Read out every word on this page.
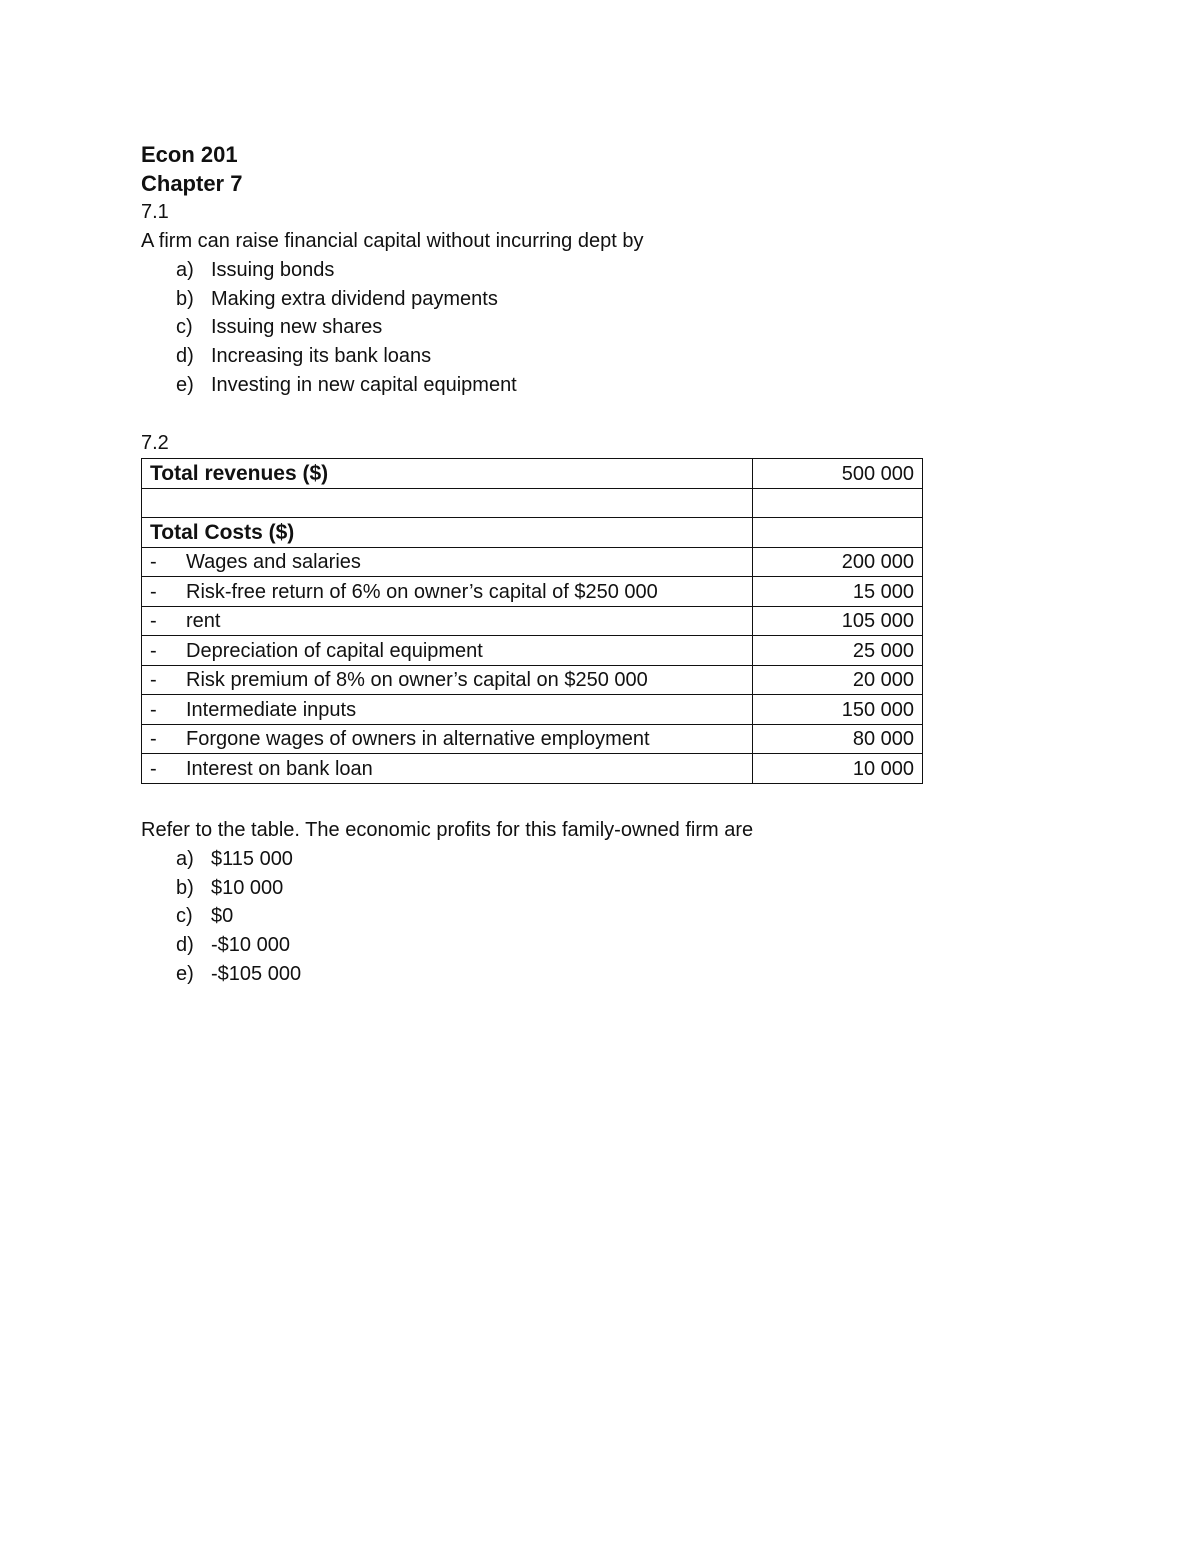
Econ 201
Chapter 7
7.1
A firm can raise financial capital without incurring dept by
a) Issuing bonds
b) Making extra dividend payments
c) Issuing new shares
d) Increasing its bank loans
e) Investing in new capital equipment
7.2
Total revenues ($)	500 000

Total Costs ($)	
- Wages and salaries	200 000
- Risk-free return of 6% on owner’s capital of $250 000	15 000
- rent	105 000
- Depreciation of capital equipment	25 000
- Risk premium of 8% on owner’s capital on $250 000	20 000
- Intermediate inputs	150 000
- Forgone wages of owners in alternative employment	80 000
- Interest on bank loan	10 000
Refer to the table. The economic profits for this family-owned firm are
a) $115 000
b) $10 000
c) $0
d) -$10 000
e) -$105 000
